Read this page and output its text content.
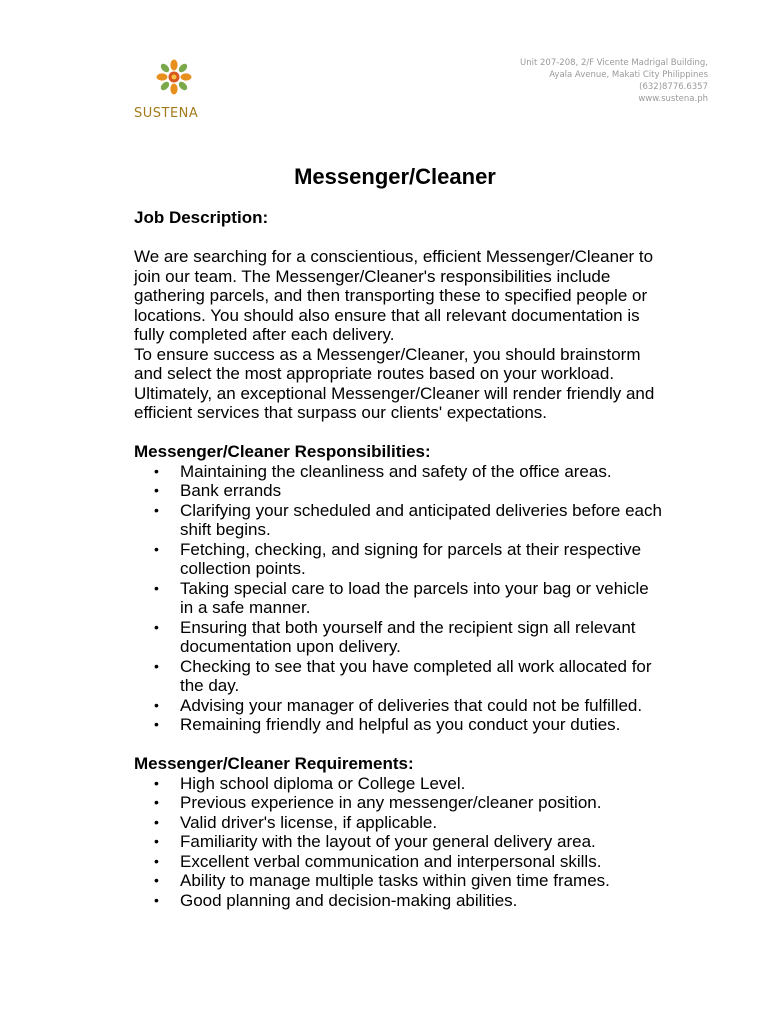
SUSTENA
Unit 207-208, 2/F Vicente Madrigal Building,
Ayala Avenue, Makati City Philippines
(632)8776.6357
www.sustena.ph
Messenger/Cleaner

Job Description:

We are searching for a conscientious, efficient Messenger/Cleaner to join our team. The Messenger/Cleaner's responsibilities include gathering parcels, and then transporting these to specified people or locations. You should also ensure that all relevant documentation is fully completed after each delivery.

To ensure success as a Messenger/Cleaner, you should brainstorm and select the most appropriate routes based on your workload. Ultimately, an exceptional Messenger/Cleaner will render friendly and efficient services that surpass our clients' expectations.

Messenger/Cleaner Responsibilities:

• Maintaining the cleanliness and safety of the office areas.
• Bank errands
• Clarifying your scheduled and anticipated deliveries before each shift begins.
• Fetching, checking, and signing for parcels at their respective collection points.
• Taking special care to load the parcels into your bag or vehicle in a safe manner.
• Ensuring that both yourself and the recipient sign all relevant documentation upon delivery.
• Checking to see that you have completed all work allocated for the day.
• Advising your manager of deliveries that could not be fulfilled.
• Remaining friendly and helpful as you conduct your duties.

Messenger/Cleaner Requirements:

• High school diploma or College Level.
• Previous experience in any messenger/cleaner position.
• Valid driver's license, if applicable.
• Familiarity with the layout of your general delivery area.
• Excellent verbal communication and interpersonal skills.
• Ability to manage multiple tasks within given time frames.
• Good planning and decision-making abilities.
